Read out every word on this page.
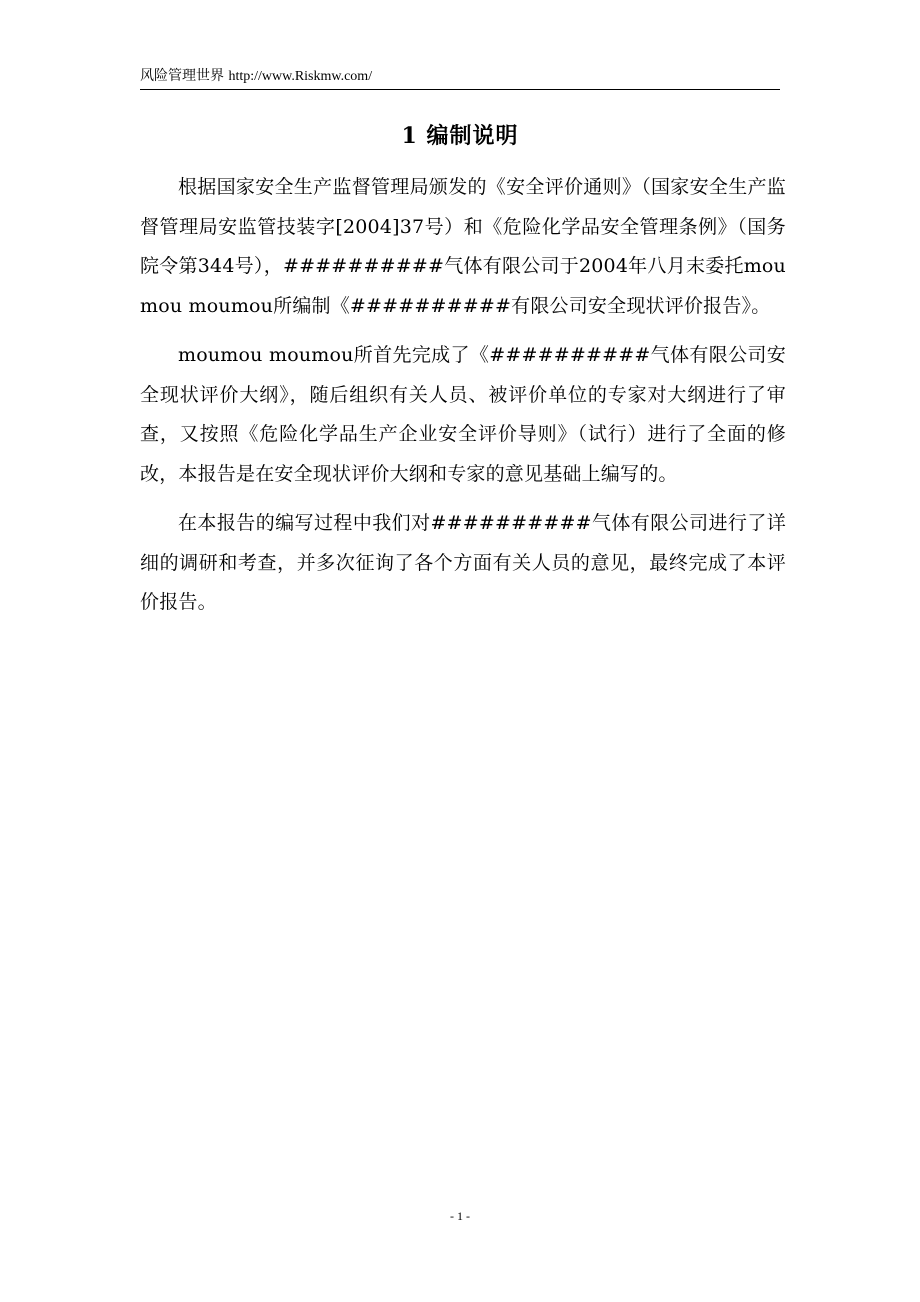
风险管理世界 http://www.Riskmw.com/
1 编制说明

根据国家安全生产监督管理局颁发的《安全评价通则》（国家安全生产监督管理局安监管技装字[2004]37号）和《危险化学品安全管理条例》（国务院令第344号），##########气体有限公司于2004年八月末委托moumou moumou所编制《##########有限公司安全现状评价报告》。

moumou moumou所首先完成了《##########气体有限公司安全现状评价大纲》，随后组织有关人员、被评价单位的专家对大纲进行了审查，又按照《危险化学品生产企业安全评价导则》（试行）进行了全面的修改，本报告是在安全现状评价大纲和专家的意见基础上编写的。

在本报告的编写过程中我们对##########气体有限公司进行了详细的调研和考查，并多次征询了各个方面有关人员的意见，最终完成了本评价报告。

- 1 -
